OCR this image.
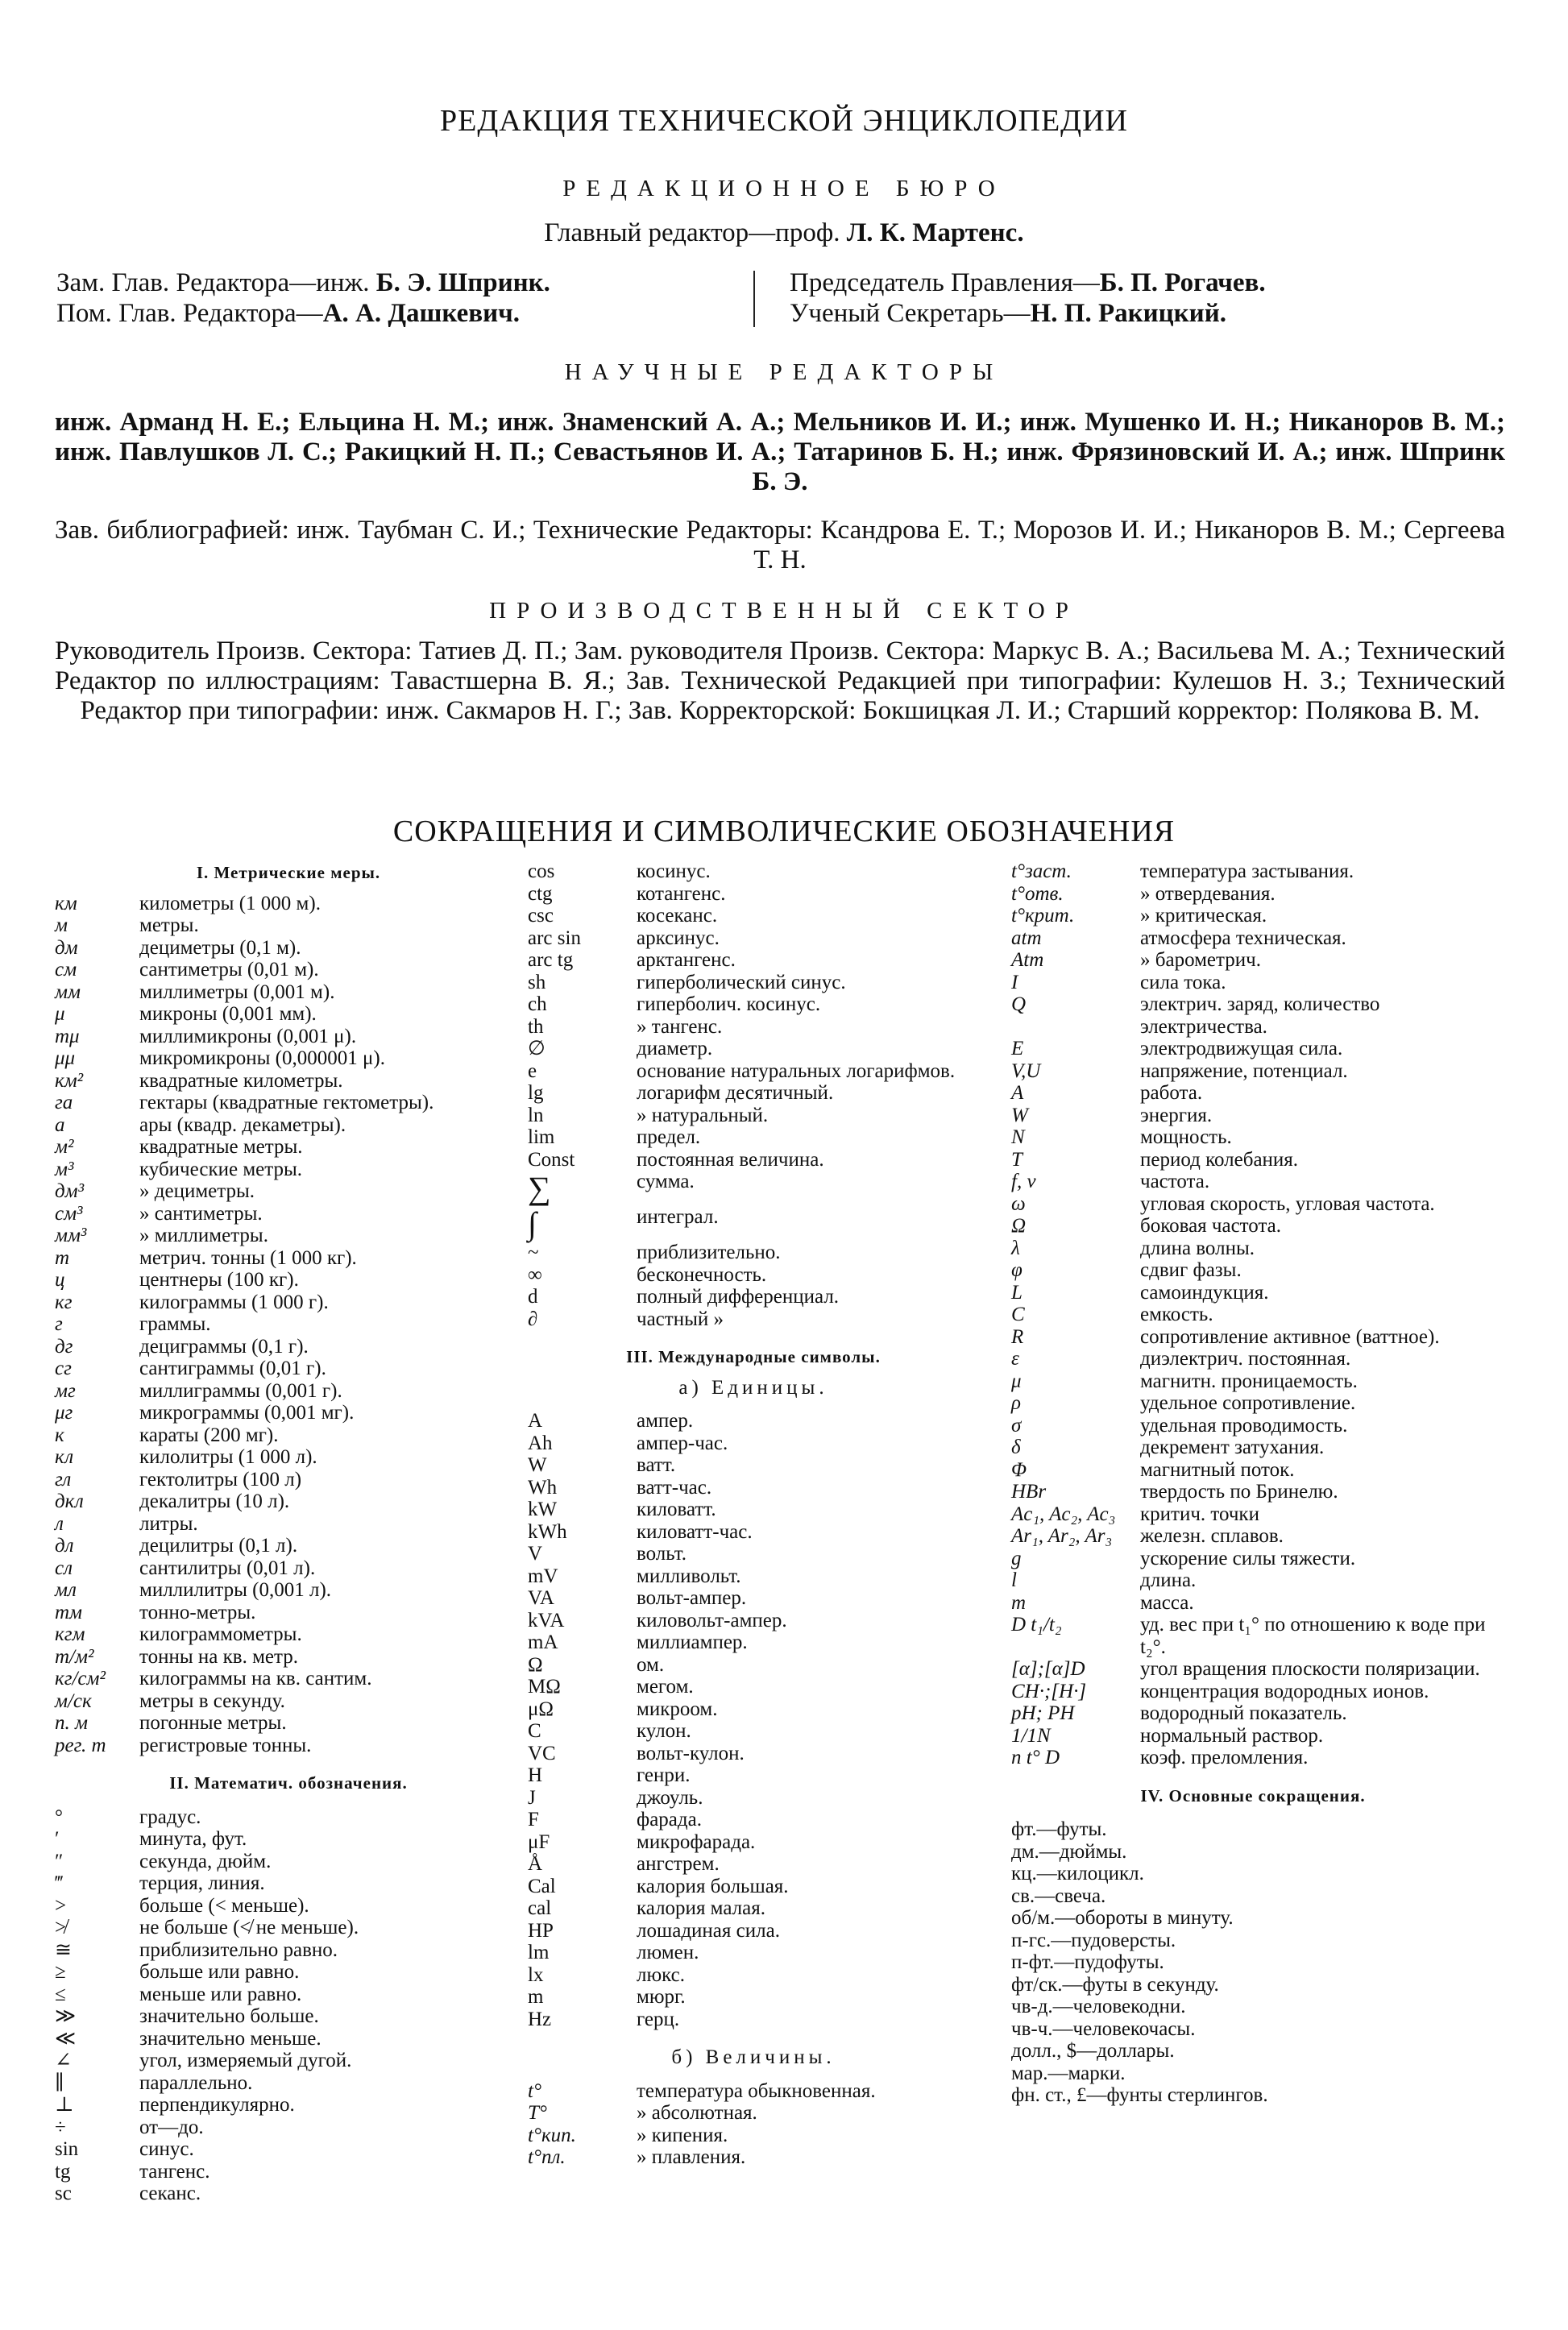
РЕДАКЦИЯ ТЕХНИЧЕСКОЙ ЭНЦИКЛОПЕДИИ
РЕДАКЦИОННОЕ БЮРО
Главный редактор—проф. Л. К. Мартенс.
Зам. Глав. Редактора—инж. Б. Э. Шпринк.
Пом. Глав. Редактора—А. А. Дашкевич.
Председатель Правления—Б. П. Рогачев.
Ученый Секретарь—Н. П. Ракицкий.
НАУЧНЫЕ РЕДАКТОРЫ
инж. Арманд Н. Е.; Ельцина Н. М.; инж. Знаменский А. А.; Мельников И. И.; инж. Мушенко И. Н.; Никаноров В. М.; инж. Павлушков Л. С.; Ракицкий Н. П.; Севастьянов И. А.; Татаринов Б. Н.; инж. Фрязиновский И. А.; инж. Шпринк Б. Э.
Зав. библиографией: инж. Таубман С. И.; Технические Редакторы: Ксандрова Е. Т.; Морозов И. И.; Никаноров В. М.; Сергеева Т. Н.
ПРОИЗВОДСТВЕННЫЙ СЕКТОР
Руководитель Произв. Сектора: Татиев Д. П.; Зам. руководителя Произв. Сектора: Маркус В. А.; Васильева М. А.; Технический Редактор по иллюстрациям: Тавастшерна В. Я.; Зав. Технической Редакцией при типографии: Кулешов Н. З.; Технический Редактор при типографии: инж. Сакмаров Н. Г.; Зав. Корректорской: Бокшицкая Л. И.; Старший корректор: Полякова В. М.
СОКРАЩЕНИЯ И СИМВОЛИЧЕСКИЕ ОБОЗНАЧЕНИЯ
I. Метрические меры.
км	километры (1 000 м).
м	метры.
дм	дециметры (0,1 м).
см	сантиметры (0,01 м).
мм	миллиметры (0,001 м).
μ	микроны (0,001 мм).
mμ	миллимикроны (0,001 μ).
μμ	микромикроны (0,000001 μ).
км²	квадратные километры.
га	гектары (квадратные гектометры).
а	ары (квадр. декаметры).
м²	квадратные метры.
м³	кубические метры.
дм³	» дециметры.
см³	» сантиметры.
мм³	» миллиметры.
т	метрич. тонны (1 000 кг).
ц	центнеры (100 кг).
кг	килограммы (1 000 г).
г	граммы.
дг	дециграммы (0,1 г).
сг	сантиграммы (0,01 г).
мг	миллиграммы (0,001 г).
μг	микрограммы (0,001 мг).
к	караты (200 мг).
кл	килолитры (1 000 л).
гл	гектолитры (100 л)
дкл	декалитры (10 л).
л	литры.
дл	децилитры (0,1 л).
сл	сантилитры (0,01 л).
мл	миллилитры (0,001 л).
тм	тонно-метры.
кгм	килограммометры.
т/м²	тонны на кв. метр.
кг/см²	килограммы на кв. сантим.
м/ск	метры в секунду.
п. м	погонные метры.
рег. т	регистровые тонны.
II. Математич. обозначения.
°	градус.
′	минута, фут.
″	секунда, дюйм.
‴	терция, линия.
>	больше (< меньше).
≯	не больше (≮ не меньше).
≅	приблизительно равно.
≥	больше или равно.
≤	меньше или равно.
≫	значительно больше.
≪	значительно меньше.
∠	угол, измеряемый дугой.
∥	параллельно.
⊥	перпендикулярно.
÷	от—до.
sin	синус.
tg	тангенс.
sc	секанс.
cos	косинус.
ctg	котангенс.
csc	косеканс.
arc sin	арксинус.
arc tg	арктангенс.
sh	гиперболический синус.
ch	гиперболич. косинус.
th	» тангенс.
∅	диаметр.
e	основание натуральных логарифмов.
lg	логарифм десятичный.
ln	» натуральный.
lim	предел.
Const	постоянная величина.
∑	сумма.
∫	интеграл.
~	приблизительно.
∞	бесконечность.
d	полный дифференциал.
∂	частный »
III. Международные символы.
а) Единицы.
A	ампер.
Ah	ампер-час.
W	ватт.
Wh	ватт-час.
kW	киловатт.
kWh	киловатт-час.
V	вольт.
mV	милливольт.
VA	вольт-ампер.
kVA	киловольт-ампер.
mA	миллиампер.
Ω	ом.
MΩ	мегом.
μΩ	микроом.
C	кулон.
VC	вольт-кулон.
H	генри.
J	джоуль.
F	фарада.
μF	микрофарада.
Å	ангстрем.
Cal	калория большая.
cal	калория малая.
HP	лошадиная сила.
lm	люмен.
lx	люкс.
m	мюрг.
Hz	герц.
б) Величины.
t°	температура обыкновенная.
T°	» абсолютная.
t°кип.	» кипения.
t°пл.	» плавления.
t°заст.	температура застывания.
t°отв.	» отвердевания.
t°крит.	» критическая.
atm	атмосфера техническая.
Atm	» барометрич.
I	сила тока.
Q	электрич. заряд, количество электричества.
E	электродвижущая сила.
V,U	напряжение, потенциал.
A	работа.
W	энергия.
N	мощность.
T	период колебания.
f, ν	частота.
ω	угловая скорость, угловая частота.
Ω	боковая частота.
λ	длина волны.
φ	сдвиг фазы.
L	самоиндукция.
C	емкость.
R	сопротивление активное (ваттное).
ε	диэлектрич. постоянная.
μ	магнитн. проницаемость.
ρ	удельное сопротивление.
σ	удельная проводимость.
δ	декремент затухания.
Φ	магнитный поток.
HBr	твердость по Бринелю.
Ac₁, Ac₂, Ac₃	критич. точки
Ar₁, Ar₂, Ar₃	железн. сплавов.
g	ускорение силы тяжести.
l	длина.
m	масса.
D t₁/t₂	уд. вес при t₁° по отношению к воде при t₂°.
[α];[α]D	угол вращения плоскости поляризации.
CH·;[H·]	концентрация водородных ионов.
pH; PH	водородный показатель.
1/1N	нормальный раствор.
n t° D	коэф. преломления.
IV. Основные сокращения.
фт.—футы.
дм.—дюймы.
кц.—килоцикл.
св.—свеча.
об/м.—обороты в минуту.
п-гс.—пудоверсты.
п-фт.—пудофуты.
фт/ск.—футы в секунду.
чв-д.—человекодни.
чв-ч.—человекочасы.
долл., $—доллары.
мар.—марки.
фн. ст., £—фунты стерлингов.
